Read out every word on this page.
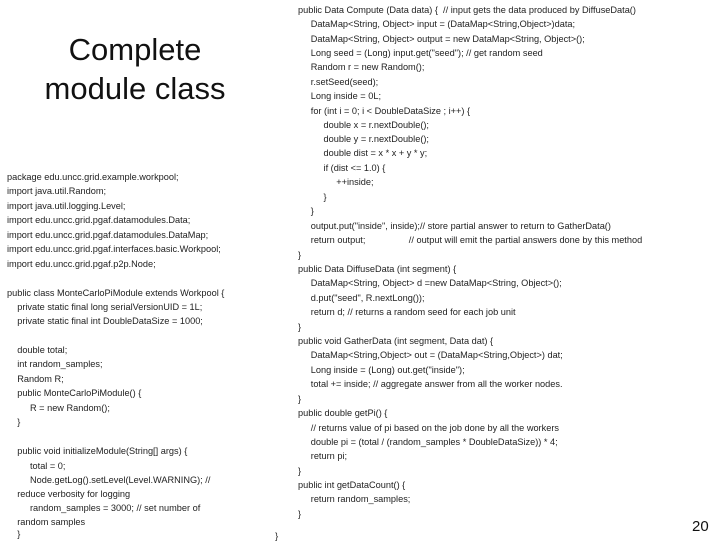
Complete
module class
package edu.uncc.grid.example.workpool;
import java.util.Random;
import java.util.logging.Level;
import edu.uncc.grid.pgaf.datamodules.Data;
import edu.uncc.grid.pgaf.datamodules.DataMap;
import edu.uncc.grid.pgaf.interfaces.basic.Workpool;
import edu.uncc.grid.pgaf.p2p.Node;
public class MonteCarloPiModule extends Workpool {
private static final long serialVersionUID = 1L;
private static final int DoubleDataSize = 1000;
double total;
int random_samples;
Random R;
public MonteCarloPiModule() {
R = new Random();
}
public void initializeModule(String[] args) {
total = 0;
Node.getLog().setLevel(Level.WARNING); //
reduce verbosity for logging
random_samples = 3000; // set number of
random samples
}
public Data Compute (Data data) {  // input gets the data produced by DiffuseData()
DataMap<String, Object> input = (DataMap<String,Object>)data;
DataMap<String, Object> output = new DataMap<String, Object>();
Long seed = (Long) input.get("seed"); // get random seed
Random r = new Random();
r.setSeed(seed);
Long inside = 0L;
for (int i = 0; i < DoubleDataSize ; i++) {
double x = r.nextDouble();
double y = r.nextDouble();
double dist = x * x + y * y;
if (dist <= 1.0) {
++inside;
}
}
output.put("inside", inside);// store partial answer to return to GatherData()
return output;                 // output will emit the partial answers done by this method
}
public Data DiffuseData (int segment) {
DataMap<String, Object> d =new DataMap<String, Object>();
d.put("seed", R.nextLong());
return d; // returns a random seed for each job unit
}
public void GatherData (int segment, Data dat) {
DataMap<String,Object> out = (DataMap<String,Object>) dat;
Long inside = (Long) out.get("inside");
total += inside; // aggregate answer from all the worker nodes.
}
public double getPi() {
// returns value of pi based on the job done by all the workers
double pi = (total / (random_samples * DoubleDataSize)) * 4;
return pi;
}
public int getDataCount() {
return random_samples;
}

}

20
